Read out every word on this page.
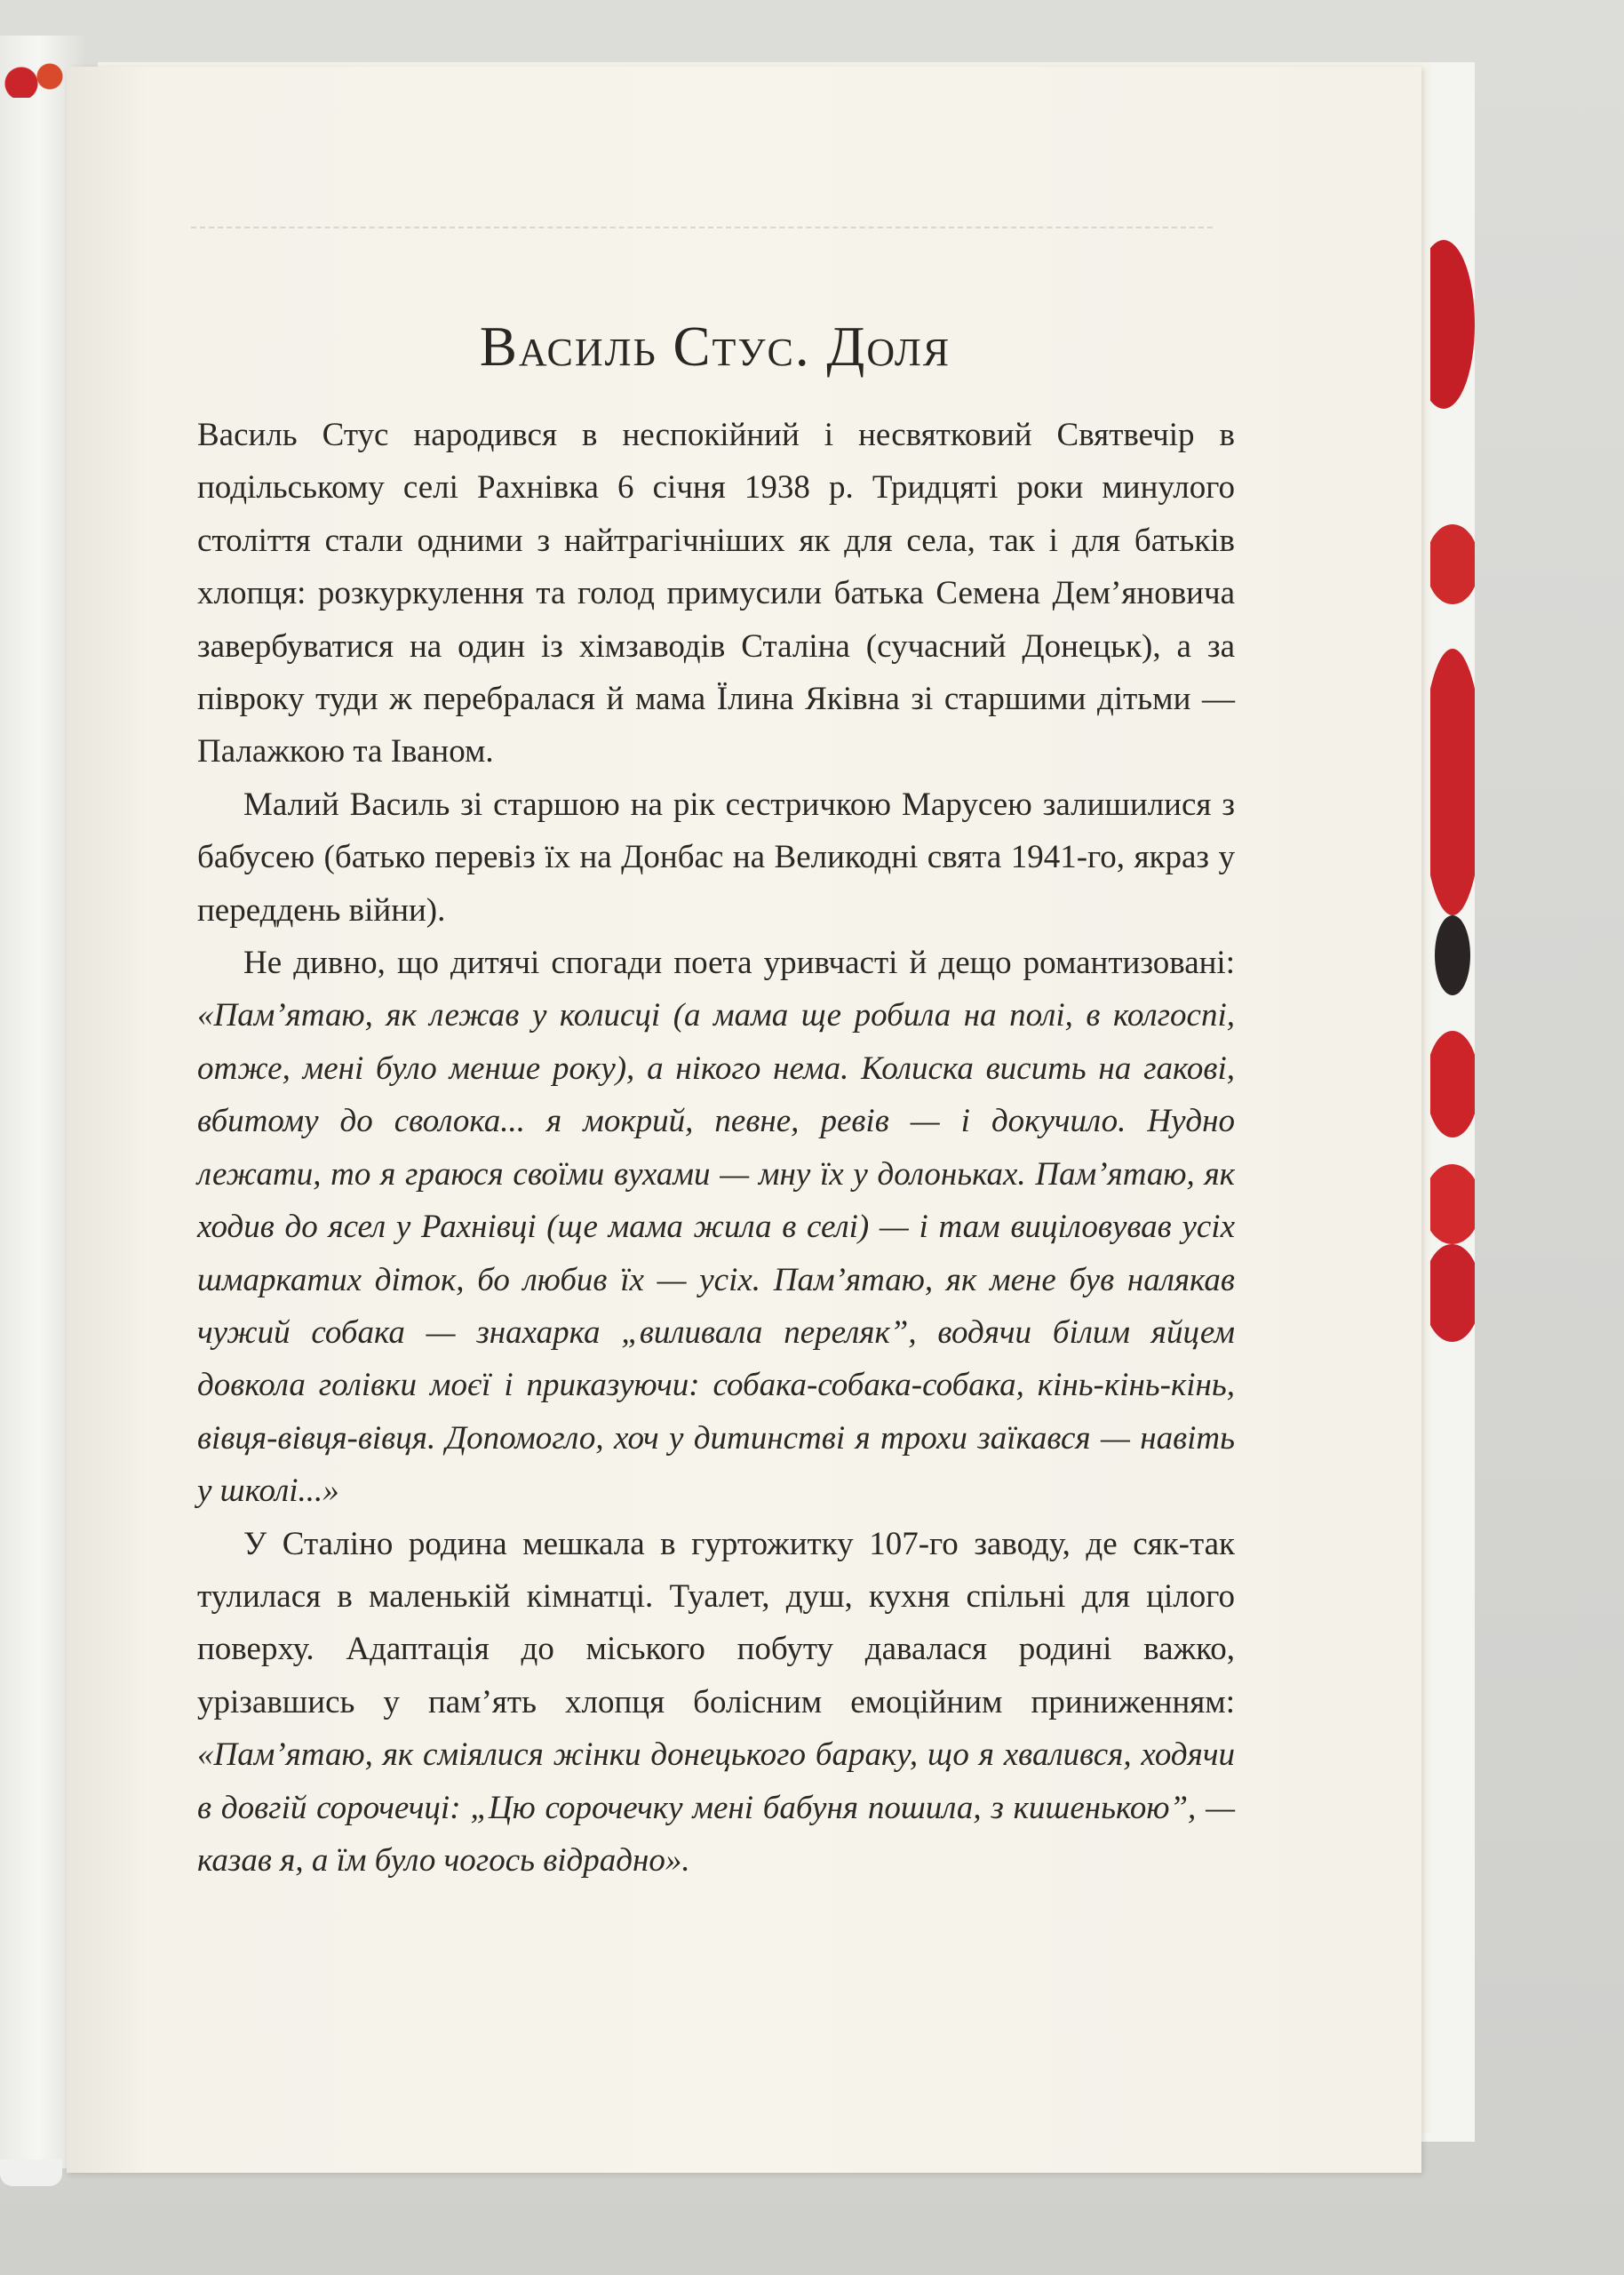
Василь Стус. Доля

Василь Стус народився в неспокійний і несвятковий Святвечір в подільському селі Рахнівка 6 січня 1938 р. Тридцяті роки минулого століття стали одними з найтрагічніших як для села, так і для батьків хлопця: розкуркулення та голод примусили батька Семена Дем’яновича завербуватися на один із хімзаводів Сталіна (сучасний Донецьк), а за півроку туди ж перебралася й мама Їлина Яківна зі старшими дітьми — Палажкою та Іваном.

Малий Василь зі старшою на рік сестричкою Марусею залишилися з бабусею (батько перевіз їх на Донбас на Великодні свята 1941-го, якраз у переддень війни).

Не дивно, що дитячі спогади поета уривчасті й дещо романтизовані: «Пам’ятаю, як лежав у колисці (а мама ще робила на полі, в колгоспі, отже, мені було менше року), а нікого нема. Колиска висить на гакові, вбитому до сволока... я мокрий, певне, ревів — і докучило. Нудно лежати, то я граюся своїми вухами — мну їх у долоньках. Пам’ятаю, як ходив до ясел у Рахнівці (ще мама жила в селі) — і там виціловував усіх шмаркатих діток, бо любив їх — усіх. Пам’ятаю, як мене був налякав чужий собака — знахарка „виливала переляк”, водячи білим яйцем довкола голівки моєї і приказуючи: собака-собака-собака, кінь-кінь-кінь, вівця-вівця-вівця. Допомогло, хоч у дитинстві я трохи заїкався — навіть у школі...»

У Сталіно родина мешкала в гуртожитку 107-го заводу, де сяк-так тулилася в маленькій кімнатці. Туалет, душ, кухня спільні для цілого поверху. Адаптація до міського побуту давалася родині важко, урізавшись у пам’ять хлопця болісним емоційним приниженням: «Пам’ятаю, як сміялися жінки донецького бараку, що я хвалився, ходячи в довгій сорочечці: „Цю сорочечку мені бабуня пошила, з кишенькою”, — казав я, а їм було чогось відрадно».
